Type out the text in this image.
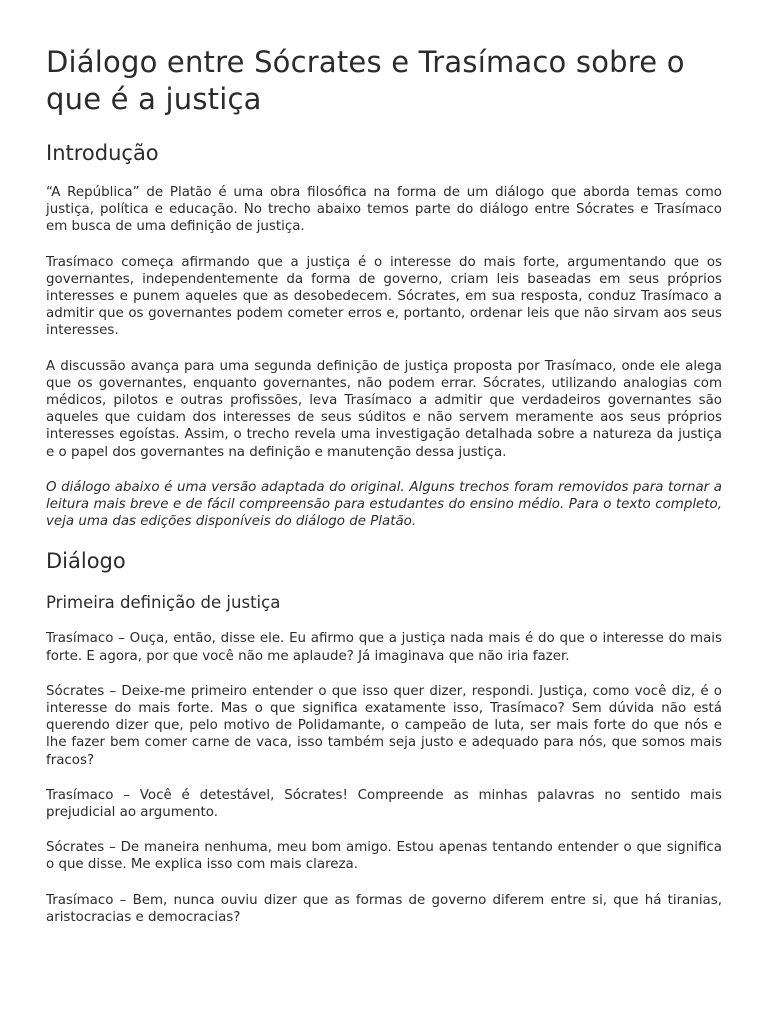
Diálogo entre Sócrates e Trasímaco sobre o que é a justiça
Introdução

“A República” de Platão é uma obra filosófica na forma de um diálogo que aborda temas como justiça, política e educação. No trecho abaixo temos parte do diálogo entre Sócrates e Trasímaco em busca de uma definição de justiça.

Trasímaco começa afirmando que a justiça é o interesse do mais forte, argumentando que os governantes, independentemente da forma de governo, criam leis baseadas em seus próprios interesses e punem aqueles que as desobedecem. Sócrates, em sua resposta, conduz Trasímaco a admitir que os governantes podem cometer erros e, portanto, ordenar leis que não sirvam aos seus interesses.

A discussão avança para uma segunda definição de justiça proposta por Trasímaco, onde ele alega que os governantes, enquanto governantes, não podem errar. Sócrates, utilizando analogias com médicos, pilotos e outras profissões, leva Trasímaco a admitir que verdadeiros governantes são aqueles que cuidam dos interesses de seus súditos e não servem meramente aos seus próprios interesses egoístas. Assim, o trecho revela uma investigação detalhada sobre a natureza da justiça e o papel dos governantes na definição e manutenção dessa justiça.

O diálogo abaixo é uma versão adaptada do original. Alguns trechos foram removidos para tornar a leitura mais breve e de fácil compreensão para estudantes do ensino médio. Para o texto completo, veja uma das edições disponíveis do diálogo de Platão.

Diálogo
Primeira definição de justiça

Trasímaco – Ouça, então, disse ele. Eu afirmo que a justiça nada mais é do que o interesse do mais forte. E agora, por que você não me aplaude? Já imaginava que não iria fazer.

Sócrates – Deixe-me primeiro entender o que isso quer dizer, respondi. Justiça, como você diz, é o interesse do mais forte. Mas o que significa exatamente isso, Trasímaco? Sem dúvida não está querendo dizer que, pelo motivo de Polidamante, o campeão de luta, ser mais forte do que nós e lhe fazer bem comer carne de vaca, isso também seja justo e adequado para nós, que somos mais fracos?

Trasímaco – Você é detestável, Sócrates! Compreende as minhas palavras no sentido mais prejudicial ao argumento.

Sócrates – De maneira nenhuma, meu bom amigo. Estou apenas tentando entender o que significa o que disse. Me explica isso com mais clareza.

Trasímaco – Bem, nunca ouviu dizer que as formas de governo diferem entre si, que há tiranias, aristocracias e democracias?
